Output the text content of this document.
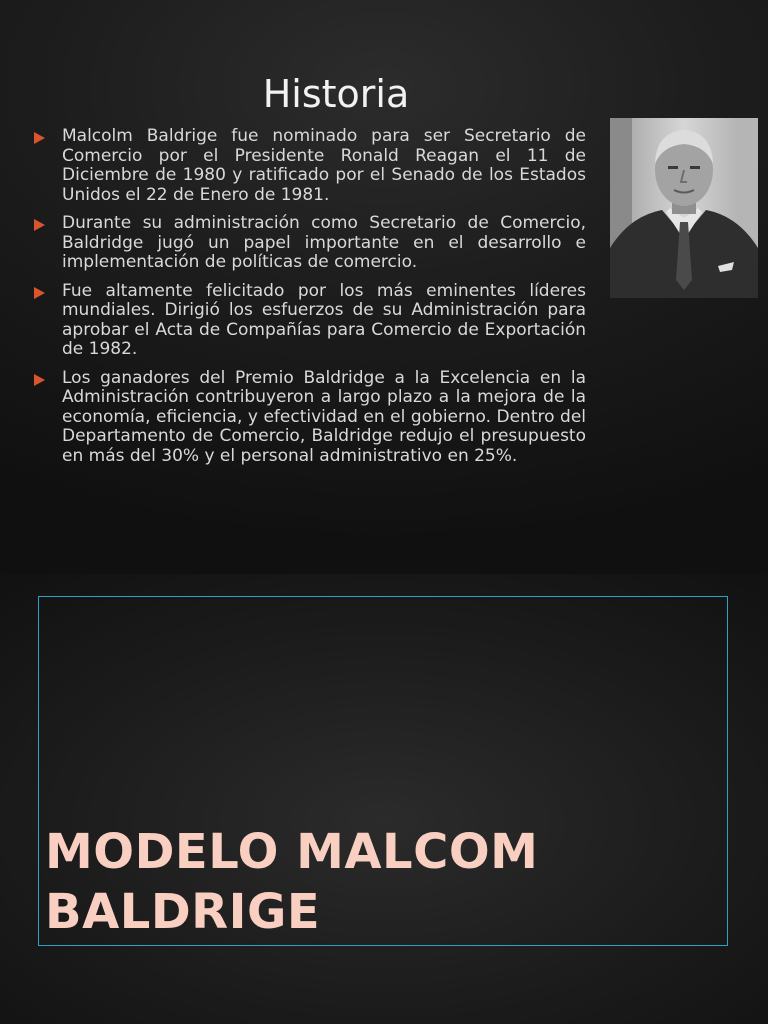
Historia
Malcolm Baldrige fue nominado para ser Secretario de Comercio por el Presidente Ronald Reagan el 11 de Diciembre de 1980 y ratificado por el Senado de los Estados Unidos el 22 de Enero de 1981.
Durante su administración como Secretario de Comercio, Baldridge jugó un papel importante en el desarrollo e implementación de políticas de comercio.
Fue altamente felicitado por los más eminentes líderes mundiales. Dirigió los esfuerzos de su Administración para aprobar el Acta de Compañías para Comercio de Exportación de 1982.
Los ganadores del Premio Baldridge a la Excelencia en la Administración contribuyeron a largo plazo a la mejora de la economía, eficiencia, y efectividad en el gobierno. Dentro del Departamento de Comercio, Baldridge redujo el presupuesto en más del 30% y el personal administrativo en 25%.
MODELO MALCOM
BALDRIGE
